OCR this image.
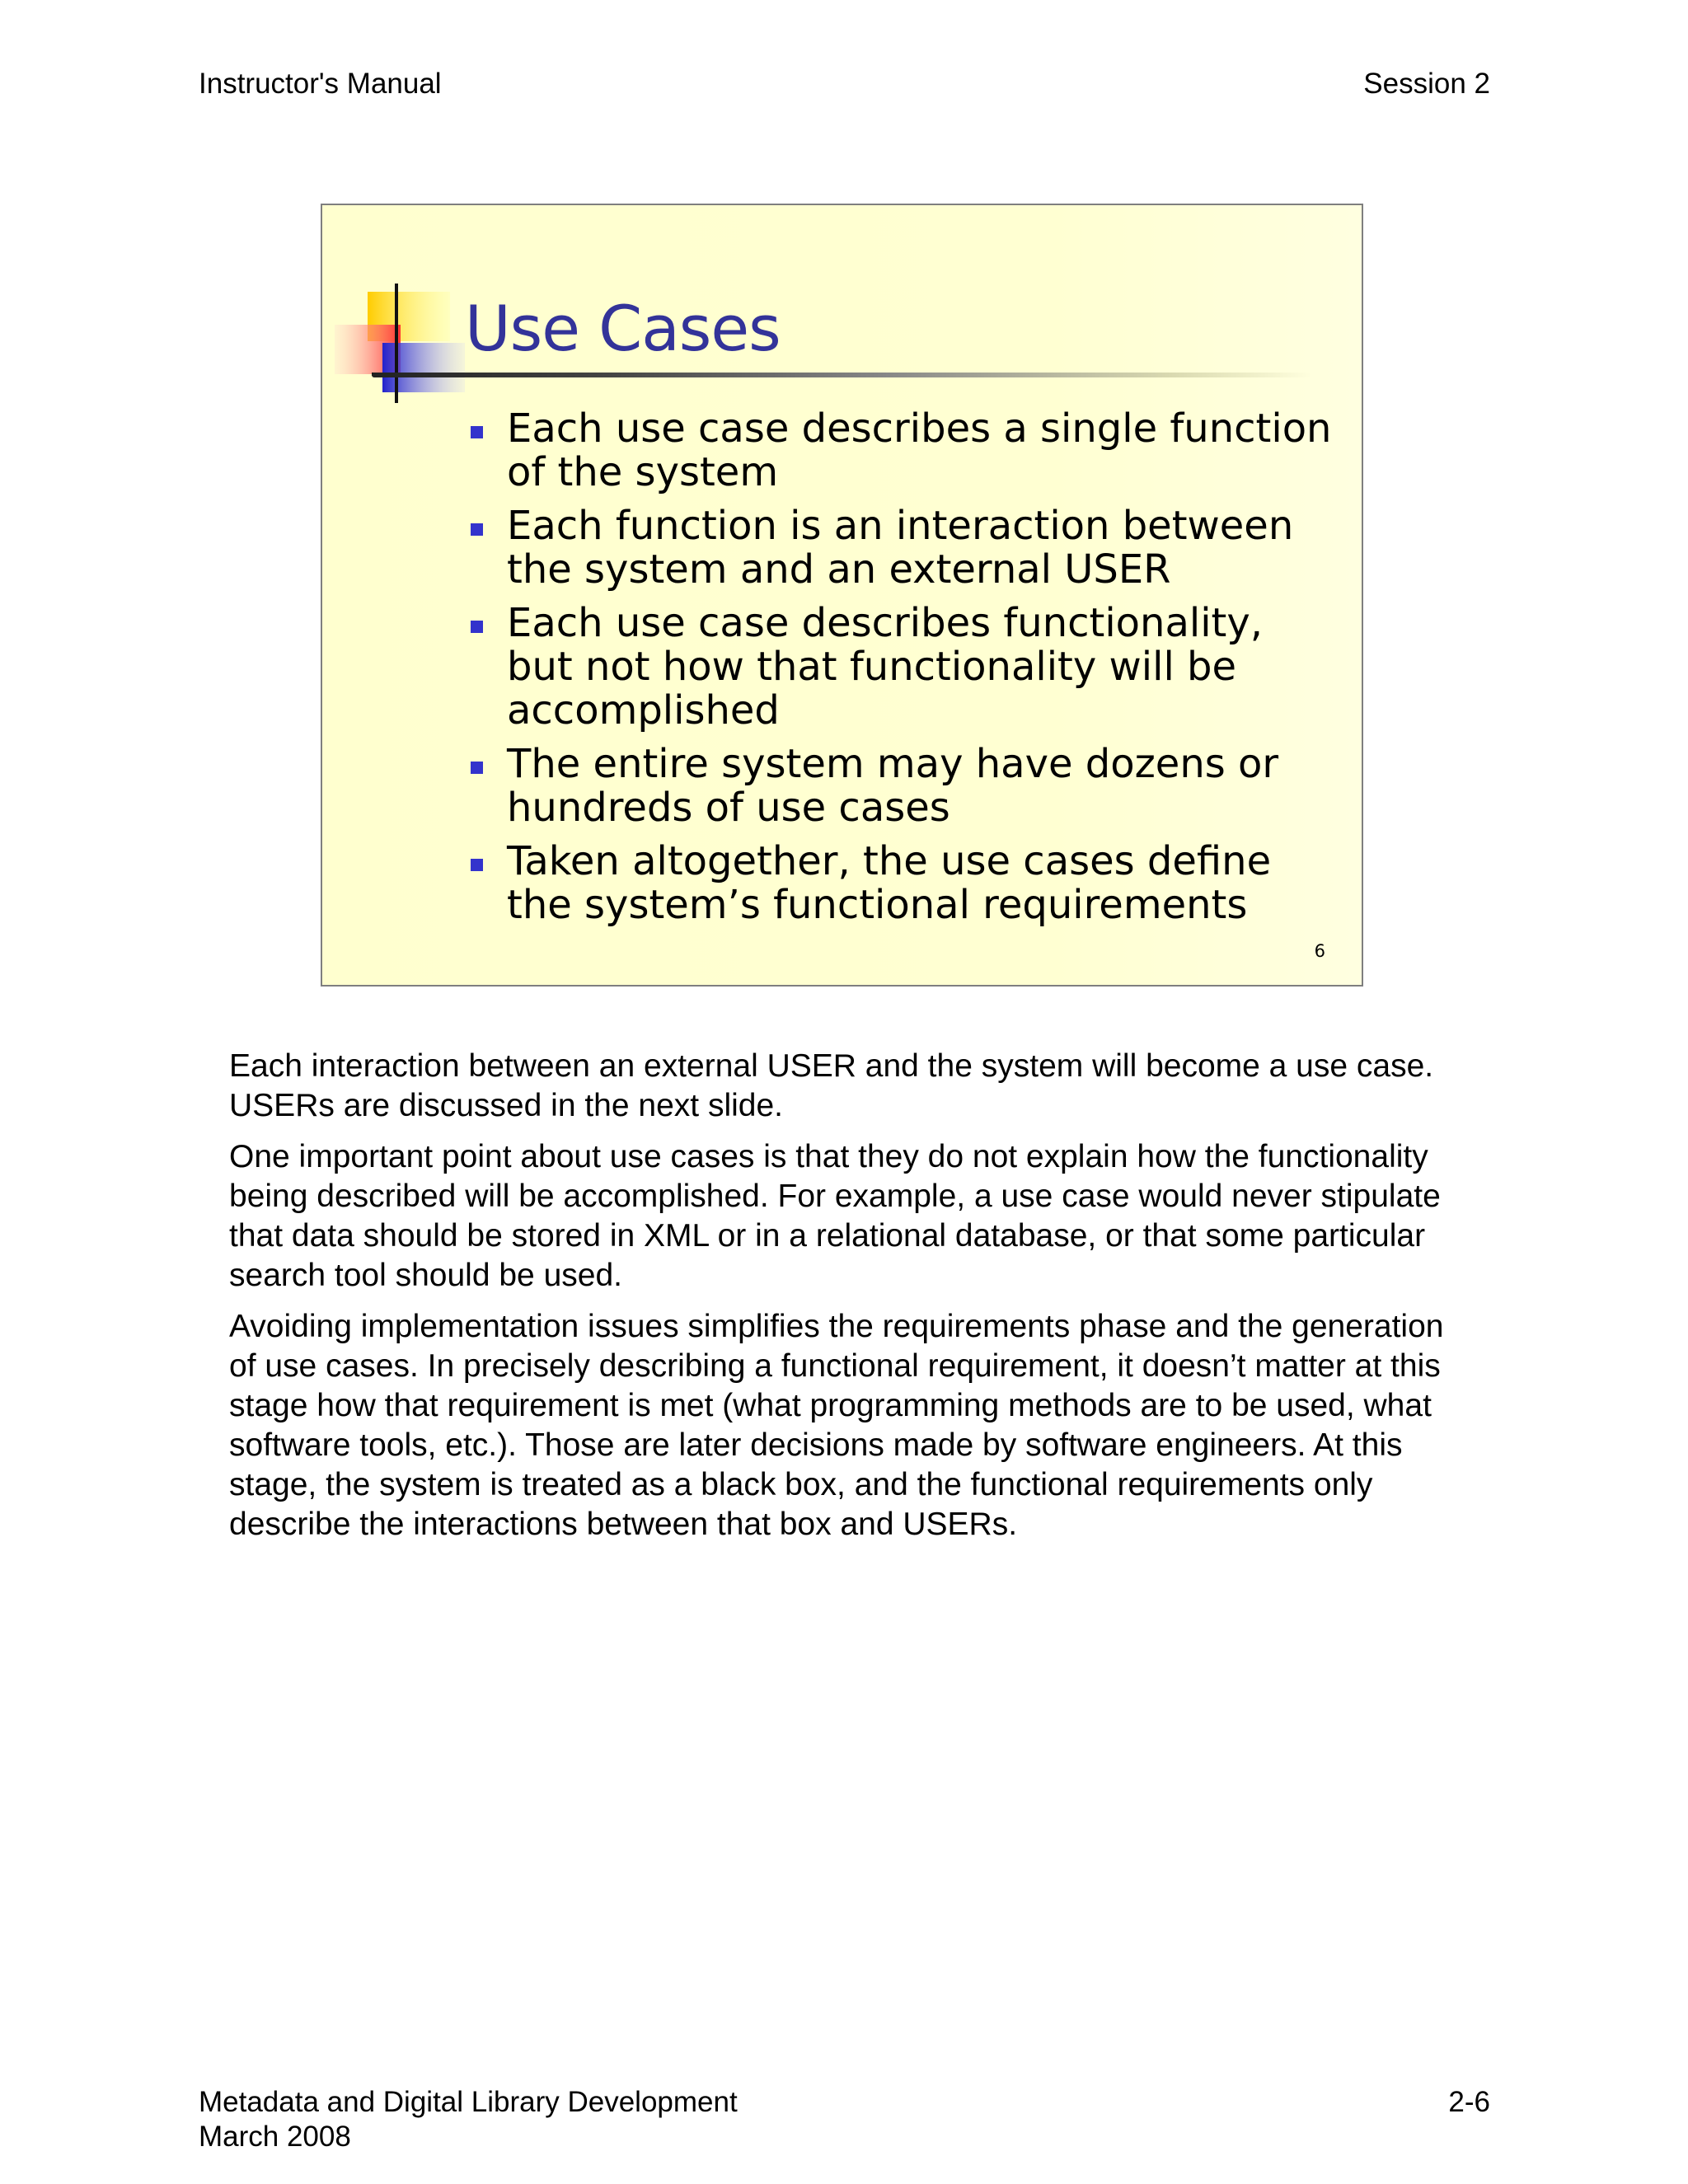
Instructor's Manual	Session 2
Use Cases
Each use case describes a single function of the system
Each function is an interaction between the system and an external USER
Each use case describes functionality, but not how that functionality will be accomplished
The entire system may have dozens or hundreds of use cases
Taken altogether, the use cases define the system’s functional requirements
6

Each interaction between an external USER and the system will become a use case. USERs are discussed in the next slide.

One important point about use cases is that they do not explain how the functionality being described will be accomplished. For example, a use case would never stipulate that data should be stored in XML or in a relational database, or that some particular search tool should be used.

Avoiding implementation issues simplifies the requirements phase and the generation of use cases. In precisely describing a functional requirement, it doesn’t matter at this stage how that requirement is met (what programming methods are to be used, what software tools, etc.). Those are later decisions made by software engineers. At this stage, the system is treated as a black box, and the functional requirements only describe the interactions between that box and USERs.

Metadata and Digital Library Development
March 2008
2-6
